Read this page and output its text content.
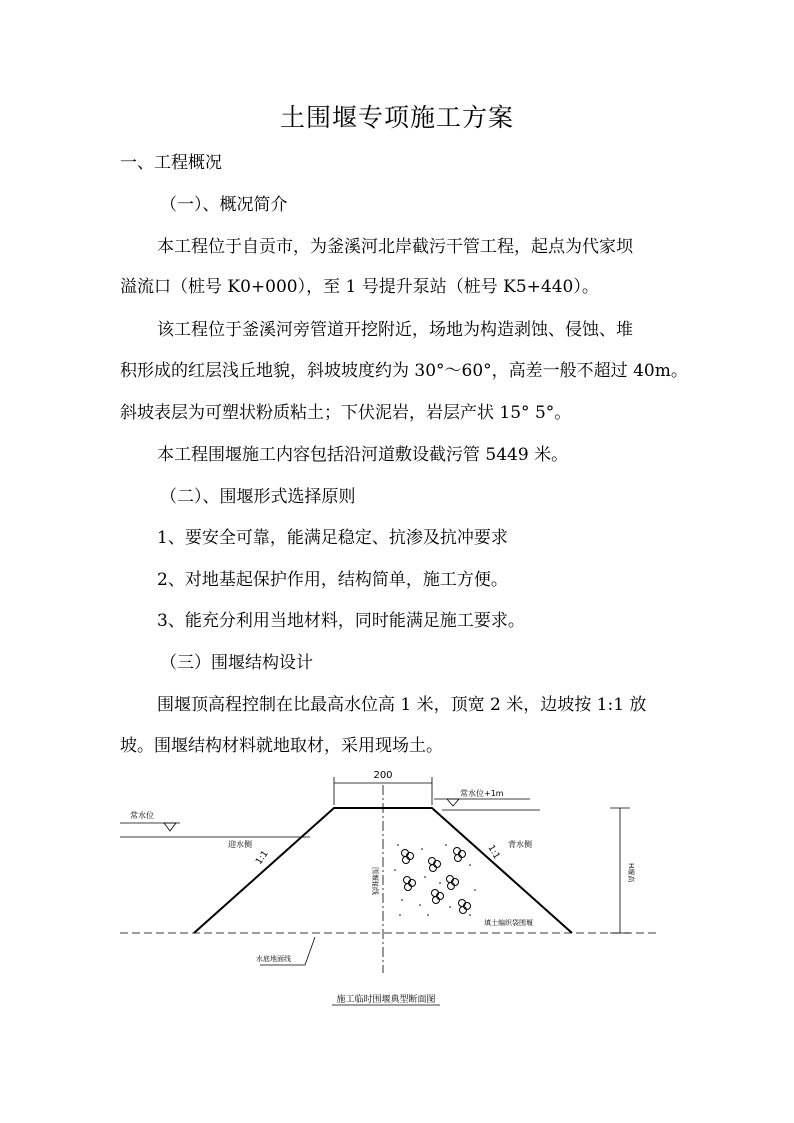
土围堰专项施工方案
一、工程概况
（一）、概况简介
本工程位于自贡市，为釜溪河北岸截污干管工程，起点为代家坝
溢流口（桩号 K0+000），至 1 号提升泵站（桩号 K5+440）。
该工程位于釜溪河旁管道开挖附近，场地为构造剥蚀、侵蚀、堆
积形成的红层浅丘地貌，斜坡坡度约为 30°～60°，高差一般不超过 40m。
斜坡表层为可塑状粉质粘土；下伏泥岩，岩层产状 15° 5°。
本工程围堰施工内容包括沿河道敷设截污管 5449 米。
（二）、围堰形式选择原则
1、要安全可靠，能满足稳定、抗渗及抗冲要求
2、对地基起保护作用，结构简单，施工方便。
3、能充分利用当地材料，同时能满足施工要求。
（三）围堰结构设计
围堰顶高程控制在比最高水位高 1 米，顶宽 2 米，边坡按 1:1 放
坡。围堰结构材料就地取材，采用现场土。
200
常水位
常水位+1m
迎水侧	背水侧
1:1	1:1
围堰轴线
填土编织袋围堰
H堰高
水底地面线
施工临时围堰典型断面图
